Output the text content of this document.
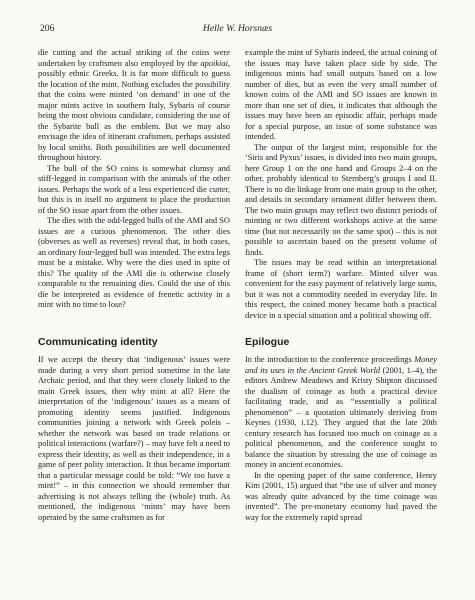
206	Helle W. Horsnæs

die cutting and the actual striking of the coins were undertaken by craftsmen also employed by the apoikiai, possibly ethnic Greeks. It is far more difficult to guess the location of the mint. Nothing excludes the possibility that the coins were minted ‘on demand’ in one of the major mints active in southern Italy, Sybaris of course being the most obvious candidate, considering the use of the Sybarite bull as the emblem. But we may also envisage the idea of itinerant craftsmen, perhaps assisted by local smiths. Both possibilities are well documented throughout history.

The bull of the SO coins is somewhat clumsy and stiff-legged in comparison with the animals of the other issues. Perhaps the work of a less experienced die cutter, but this is in itself no argument to place the production of the SO issue apart from the other issues.

The dies with the odd-legged bulls of the AMI and SO issues are a curious phenomenon. The other dies (obverses as well as reverses) reveal that, in both cases, an ordinary four-legged bull was intended. The extra legs must be a mistake. Why were the dies used in spite of this? The quality of the AMI die is otherwise closely comparable to the remaining dies. Could the use of this die be interpreted as evidence of frenetic activity in a mint with no time to lose?

example the mint of Sybaris indeed, the actual coining of the issues may have taken place side by side. The indigenous mints had small outputs based on a low number of dies, but as even the very small number of known coins of the AMI and SO issues are known in more than one set of dies, it indicates that although the issues may have been an episodic affair, perhaps made for a special purpose, an issue of some substance was intended.

The output of the largest mint, responsible for the ‘Siris and Pyxus’ issues, is divided into two main groups, here Group 1 on the one hand and Groups 2–4 on the other, probably identical to Sternberg’s groups I and II. There is no die linkage from one main group to the other, and details in secondary ornament differ between them. The two main groups may reflect two distinct periods of minting or two different workshops active at the same time (but not necessarily on the same spot) – this is not possible to ascertain based on the present volume of finds.

The issues may be read within an interpretational frame of (short term?) warfare. Minted silver was convenient for the easy payment of relatively large sums, but it was not a commodity needed in everyday life. In this respect, the coined money became both a practical device in a special situation and a political showing off.

Communicating identity

If we accept the theory that ‘indigenous’ issues were made during a very short period sometime in the late Archaic period, and that they were closely linked to the main Greek issues, then why mint at all? Here the interpretation of the ‘indigenous’ issues as a means of promoting identity seems justified. Indigenous communities joining a network with Greek poleis – whether the network was based on trade relations or political interactions (warfare?) – may have felt a need to express their identity, as well as their independence, in a game of peer polity interaction. It thus became important that a particular message could be told: “We too have a mint!” – in this connection we should remember that advertising is not always telling the (whole) truth. As mentioned, the indigenous ‘mints’ may have been operated by the same craftsmen as for

Epilogue

In the introduction to the conference proceedings Money and its uses in the Ancient Greek World (2001, 1–4), the editors Andrew Meadows and Kristy Shipton discussed the dualism of coinage as both a practical device facilitating trade, and as “essentially a political phenomenon” – a quotation ultimately deriving from Keynes (1930, i.12). They argued that the late 20th century research has focused too much on coinage as a political phenomenon, and the conference sought to balance the situation by stressing the use of coinage as money in ancient economies.

In the opening paper of the same conference, Henry Kim (2001, 15) argued that “the use of silver and money was already quite advanced by the time coinage was invented”. The pre-monetary economy had paved the way for the extremely rapid spread
